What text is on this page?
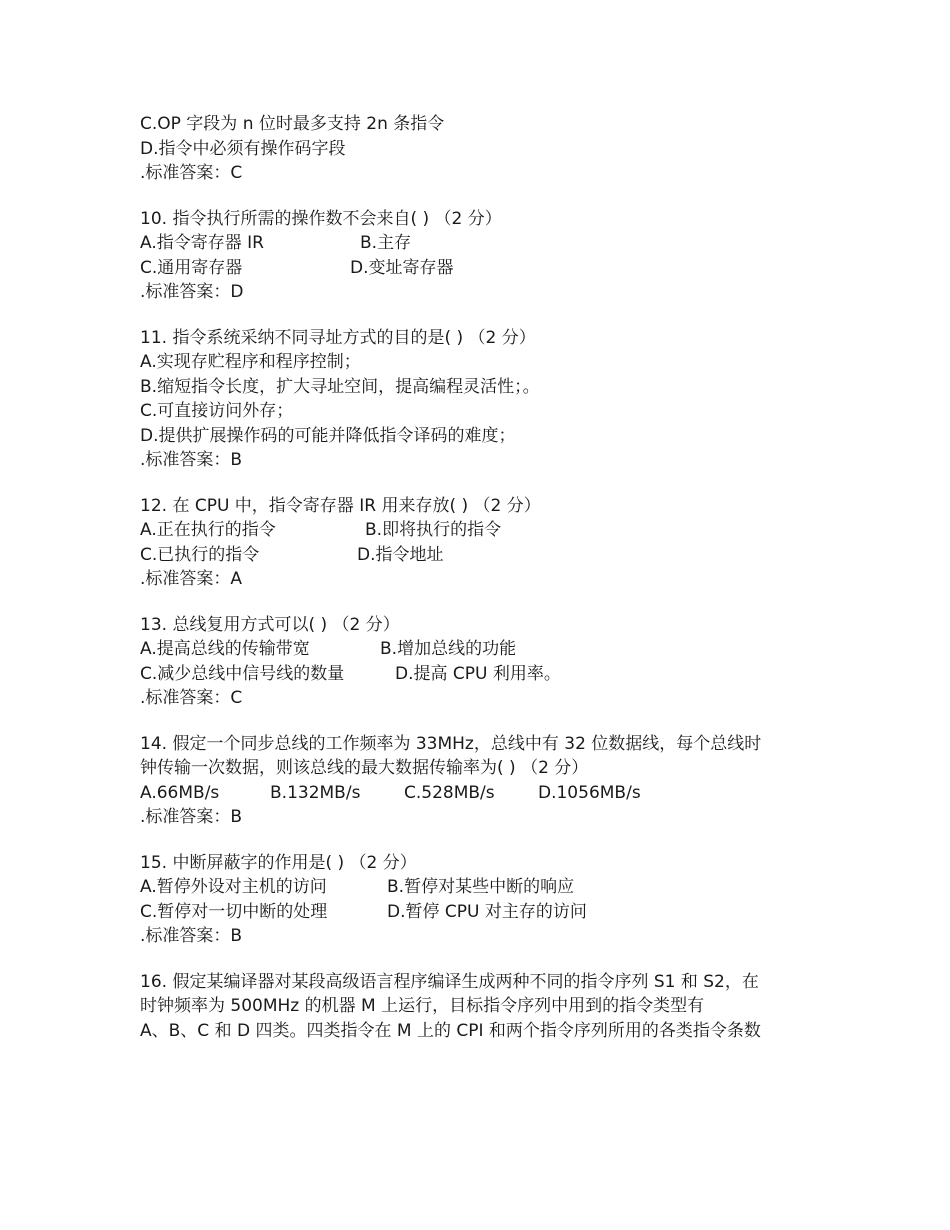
C.OP 字段为 n 位时最多支持 2n 条指令
D.指令中必须有操作码字段
.标准答案：C
10. 指令执行所需的操作数不会来自( ) （2 分）
A.指令寄存器 IR	B.主存
C.通用寄存器	D.变址寄存器
.标准答案：D
11. 指令系统采纳不同寻址方式的目的是( ) （2 分）
A.实现存贮程序和程序控制；
B.缩短指令长度，扩大寻址空间，提高编程灵活性；。
C.可直接访问外存；
D.提供扩展操作码的可能并降低指令译码的难度；
.标准答案：B
12. 在 CPU 中，指令寄存器 IR 用来存放( ) （2 分）
A.正在执行的指令	B.即将执行的指令
C.已执行的指令	D.指令地址
.标准答案：A
13. 总线复用方式可以( ) （2 分）
A.提高总线的传输带宽	B.增加总线的功能
C.减少总线中信号线的数量	D.提高 CPU 利用率。
.标准答案：C
14. 假定一个同步总线的工作频率为 33MHz，总线中有 32 位数据线，每个总线时
钟传输一次数据，则该总线的最大数据传输率为( ) （2 分）
A.66MB/s	B.132MB/s	C.528MB/s	D.1056MB/s
.标准答案：B
15. 中断屏蔽字的作用是( ) （2 分）
A.暂停外设对主机的访问	B.暂停对某些中断的响应
C.暂停对一切中断的处理	D.暂停 CPU 对主存的访问
.标准答案：B
16. 假定某编译器对某段高级语言程序编译生成两种不同的指令序列 S1 和 S2，在
时钟频率为 500MHz 的机器 M 上运行，目标指令序列中用到的指令类型有
A、B、C 和 D 四类。四类指令在 M 上的 CPI 和两个指令序列所用的各类指令条数
